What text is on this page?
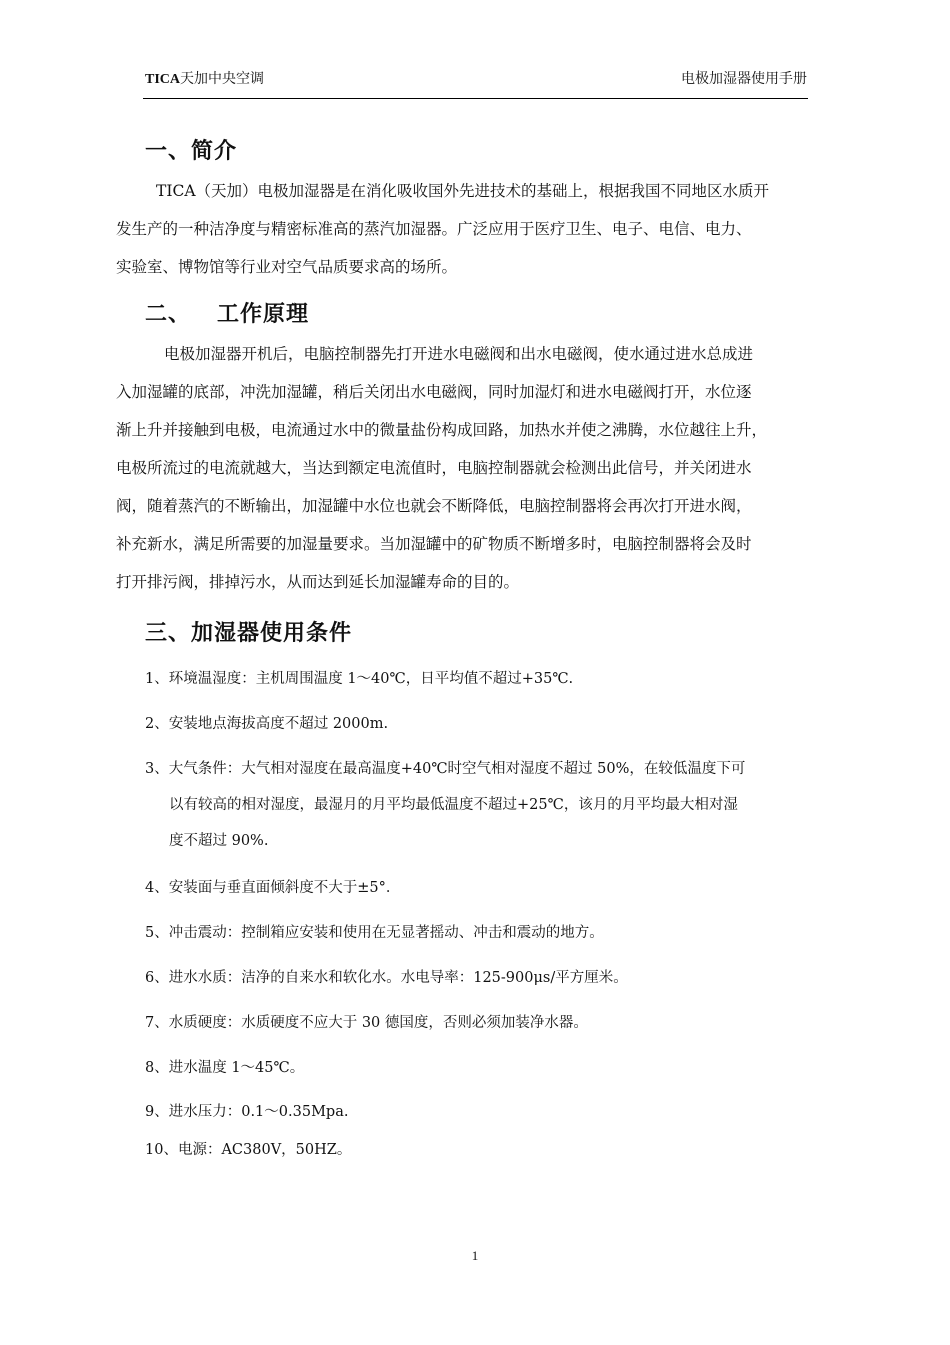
TICA天加中央空调	电极加湿器使用手册
一、简介
TICA（天加）电极加湿器是在消化吸收国外先进技术的基础上，根据我国不同地区水质开
发生产的一种洁净度与精密标准高的蒸汽加湿器。广泛应用于医疗卫生、电子、电信、电力、
实验室、博物馆等行业对空气品质要求高的场所。
二、   工作原理
电极加湿器开机后，电脑控制器先打开进水电磁阀和出水电磁阀，使水通过进水总成进
入加湿罐的底部，冲洗加湿罐，稍后关闭出水电磁阀，同时加湿灯和进水电磁阀打开，水位逐
渐上升并接触到电极，电流通过水中的微量盐份构成回路，加热水并使之沸腾，水位越往上升，
电极所流过的电流就越大，当达到额定电流值时，电脑控制器就会检测出此信号，并关闭进水
阀，随着蒸汽的不断输出，加湿罐中水位也就会不断降低，电脑控制器将会再次打开进水阀，
补充新水，满足所需要的加湿量要求。当加湿罐中的矿物质不断增多时，电脑控制器将会及时
打开排污阀，排掉污水，从而达到延长加湿罐寿命的目的。
三、加湿器使用条件
1、环境温湿度：主机周围温度 1～40℃，日平均值不超过+35℃.
2、安装地点海拔高度不超过 2000m.
3、大气条件：大气相对湿度在最高温度+40℃时空气相对湿度不超过 50%，在较低温度下可
以有较高的相对湿度，最湿月的月平均最低温度不超过+25℃，该月的月平均最大相对湿
度不超过 90%.
4、安装面与垂直面倾斜度不大于±5°．
5、冲击震动：控制箱应安装和使用在无显著摇动、冲击和震动的地方。
6、进水水质：洁净的自来水和软化水。水电导率：125-900μs/平方厘米。
7、水质硬度：水质硬度不应大于 30 德国度，否则必须加装净水器。
8、进水温度 1～45℃。
9、进水压力：0.1～0.35Mpa.
10、电源：AC380V，50HZ。
1
